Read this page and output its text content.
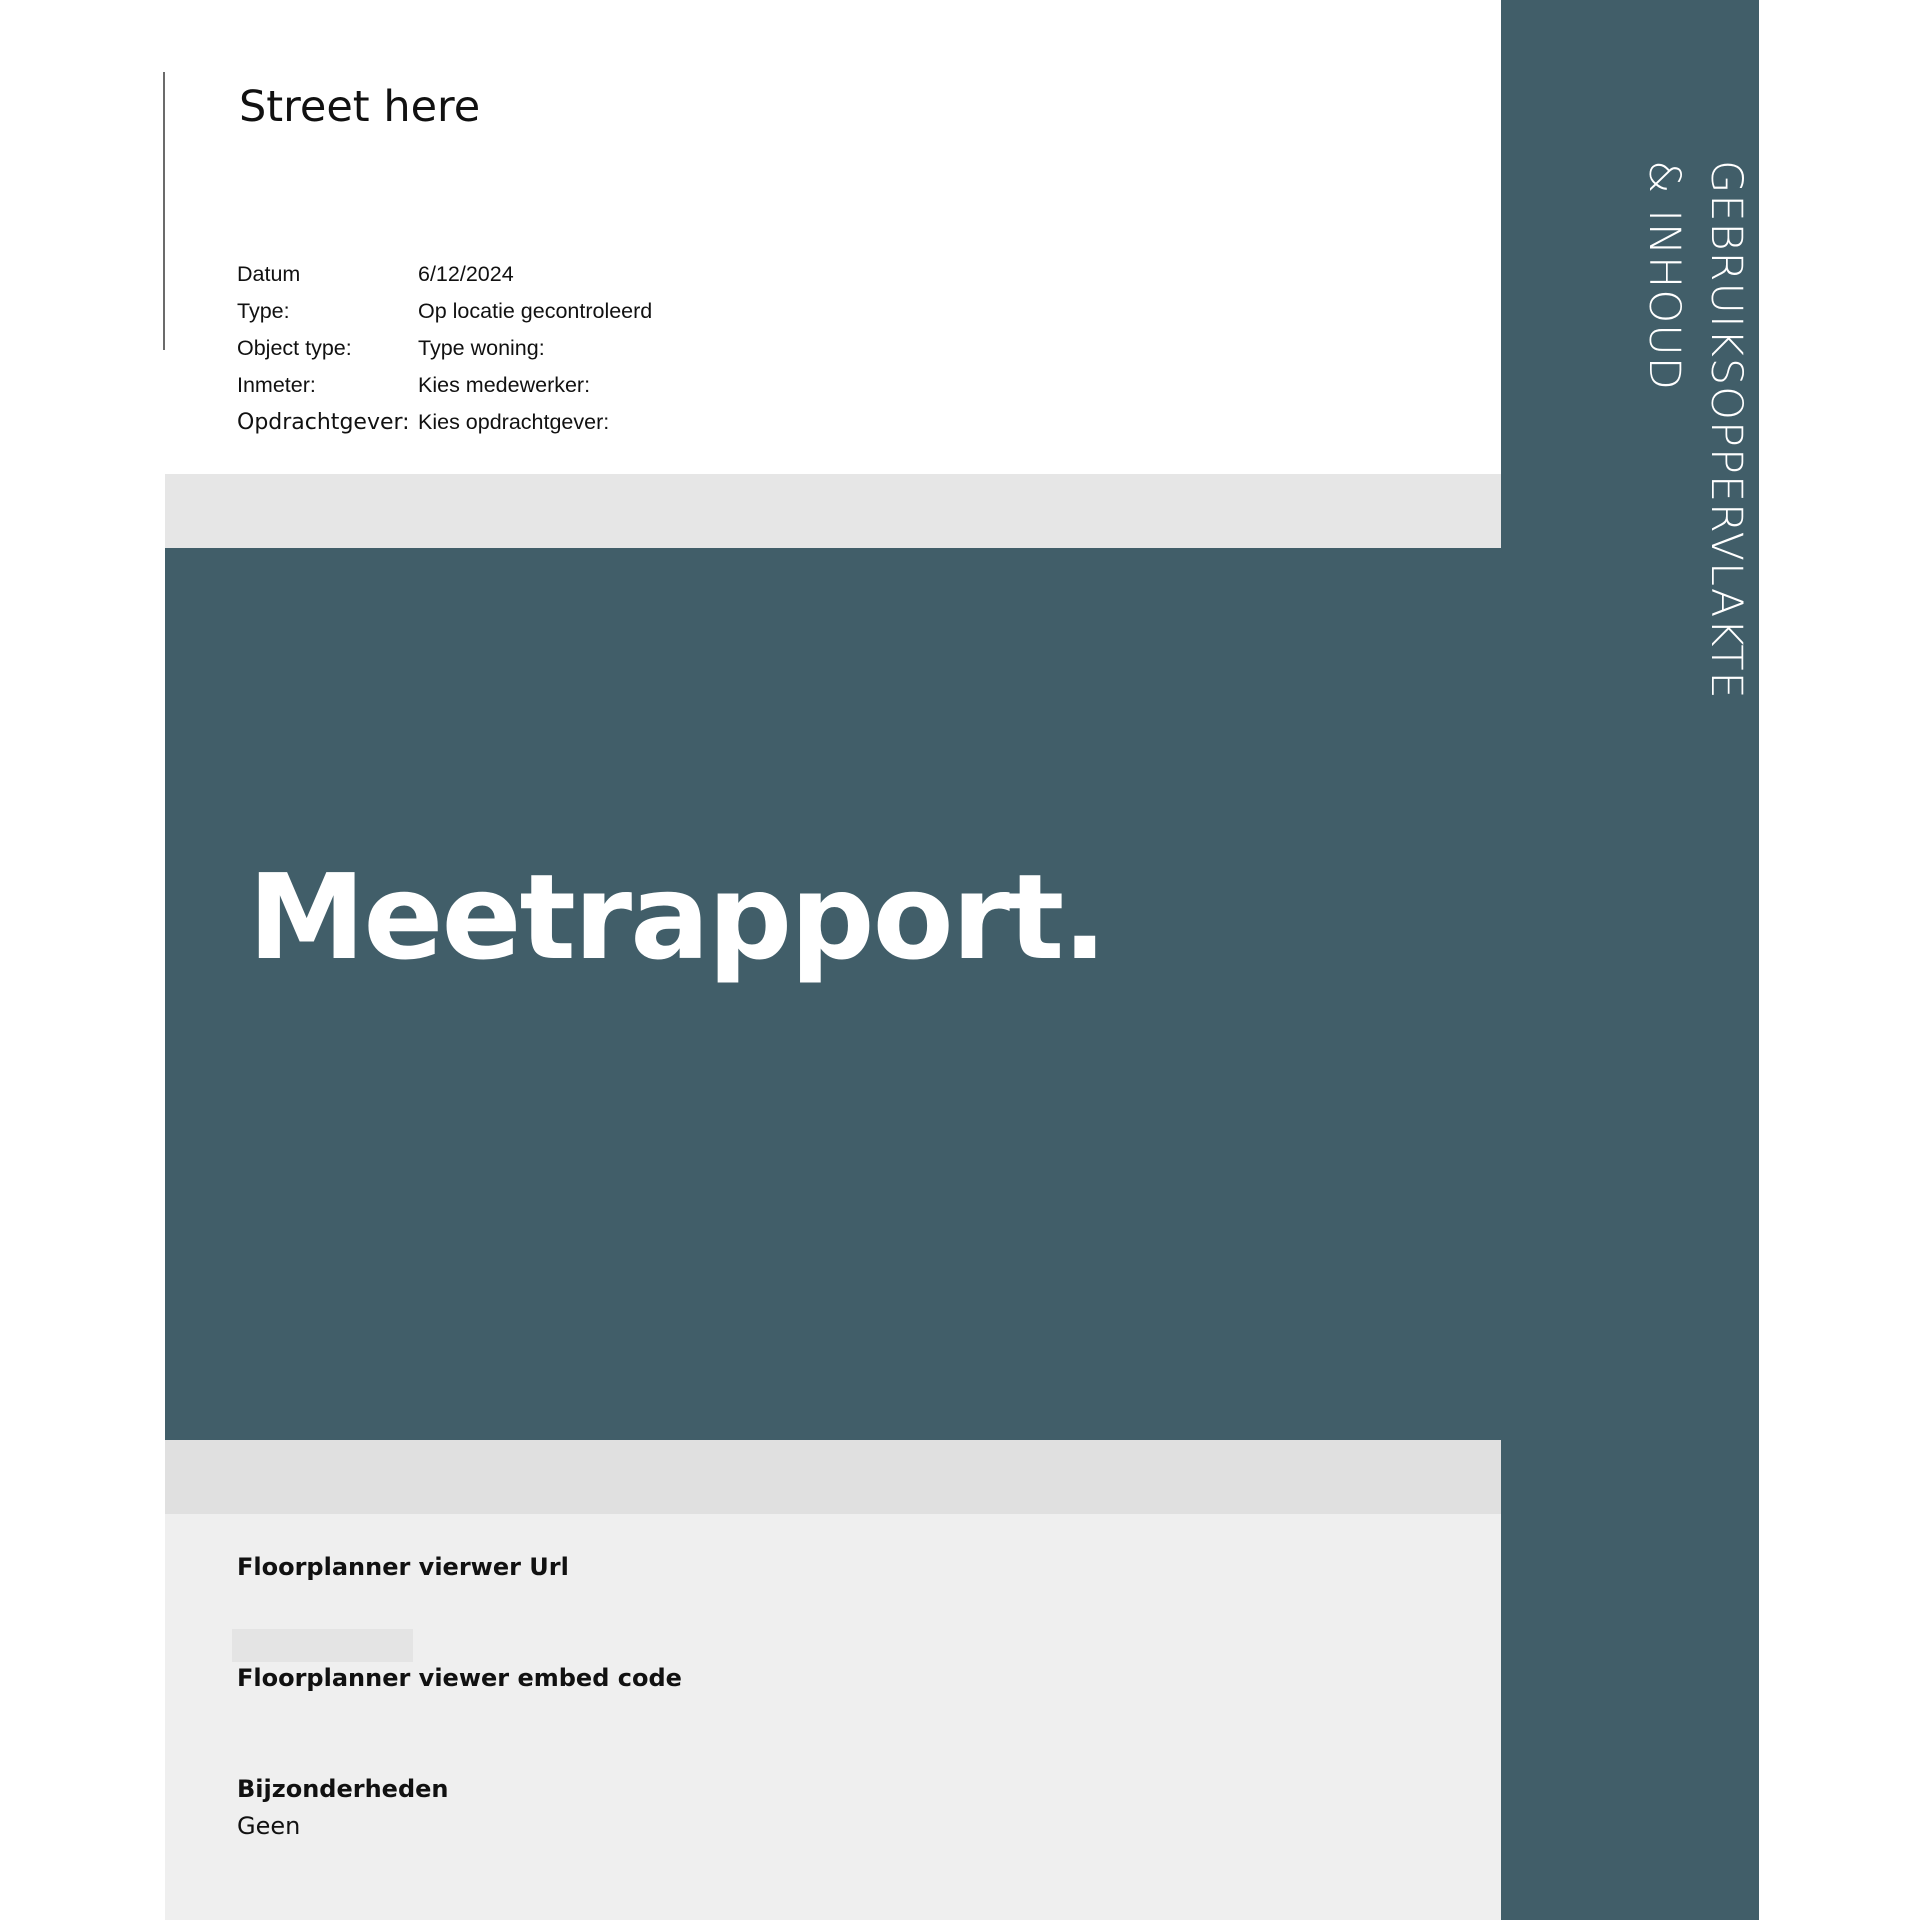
Street here
Datum	6/12/2024
Type:	Op locatie gecontroleerd
Object type:	Type woning:
Inmeter:	Kies medewerker:
Opdrachtgever: Kies opdrachtgever:
Meetrapport.
Floorplanner vierwer Url
Floorplanner viewer embed code
Bijzonderheden
Geen
GEBRUIKSOPPERVLAKTE
& INHOUD
